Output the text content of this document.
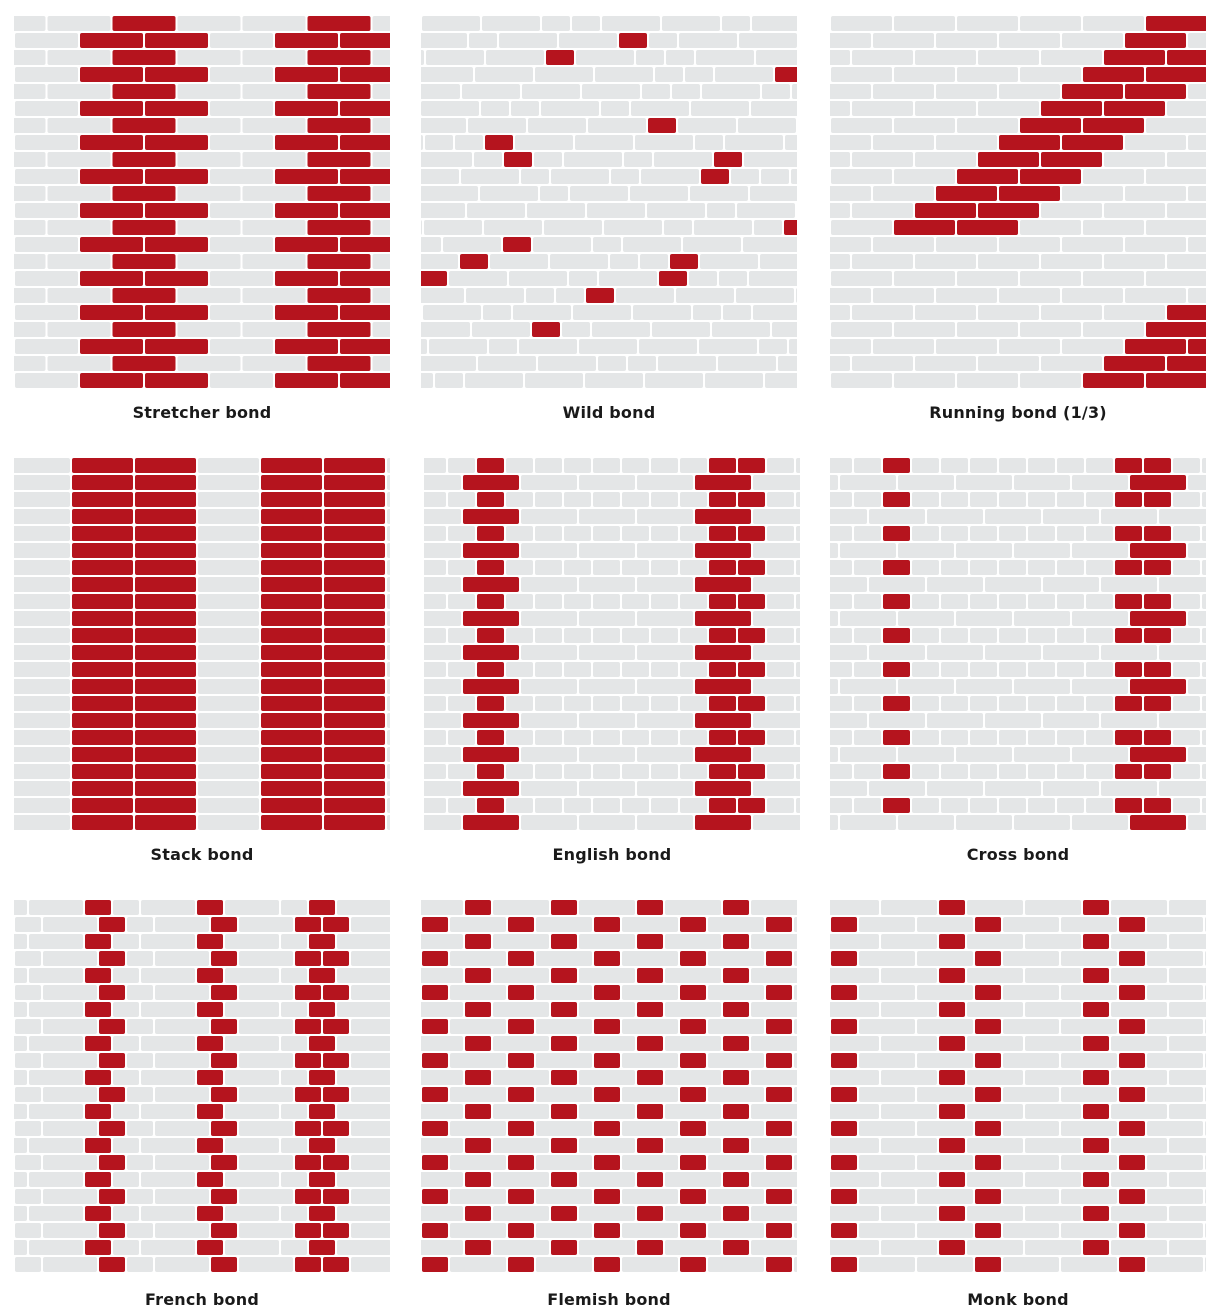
Stretcher bond	Wild bond	Running bond (1/3)
Stack bond	English bond	Cross bond
French bond	Flemish bond	Monk bond
